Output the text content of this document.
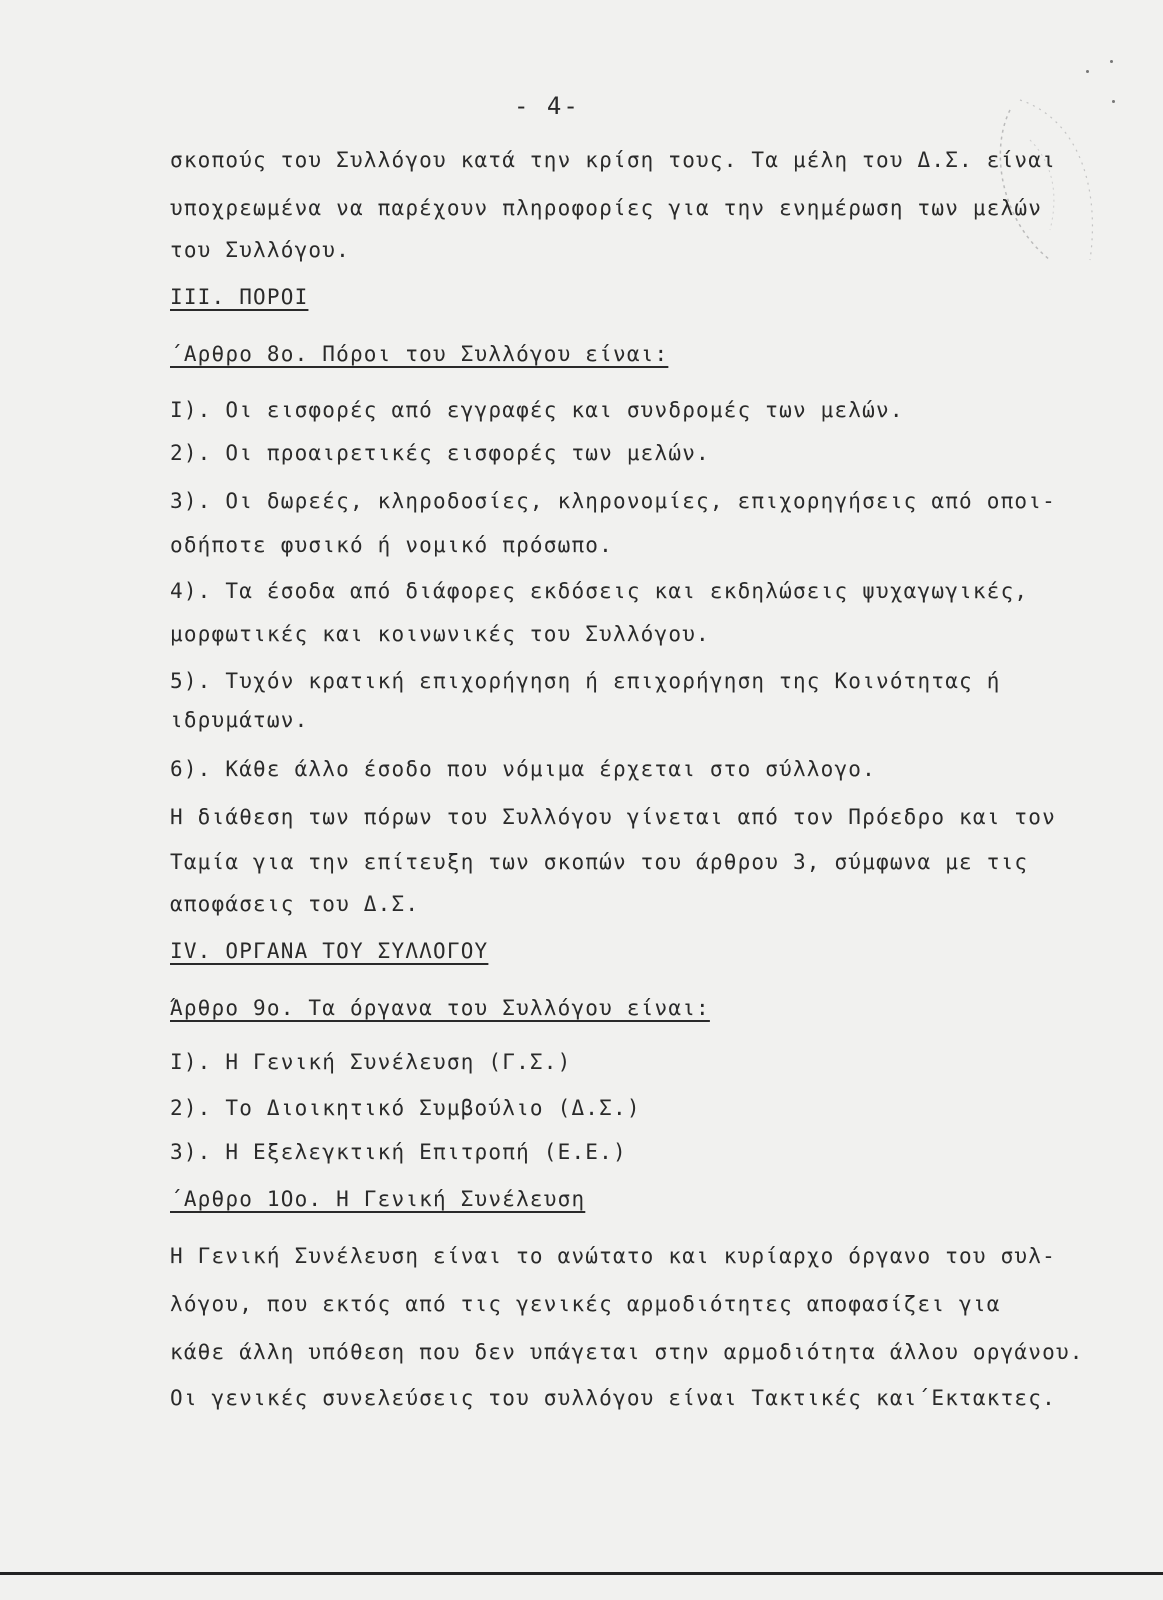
- 4-
σκοπούς του Συλλόγου κατά την κρίση τους. Τα μέλη του Δ.Σ. είναι
υποχρεωμένα να παρέχουν πληροφορίες για την ενημέρωση των μελών
του Συλλόγου.
III. ΠΟΡΟΙ
΄Αρθρο 8ο. Πόροι του Συλλόγου είναι:
Ι). Οι εισφορές από εγγραφές και συνδρομές των μελών.
2). Οι προαιρετικές εισφορές των μελών.
3). Οι δωρεές, κληροδοσίες, κληρονομίες, επιχορηγήσεις από οποι-
οδήποτε φυσικό ή νομικό πρόσωπο.
4). Τα έσοδα από διάφορες εκδόσεις και εκδηλώσεις ψυχαγωγικές,
μορφωτικές και κοινωνικές του Συλλόγου.
5). Τυχόν κρατική επιχορήγηση ή επιχορήγηση της Κοινότητας ή
ιδρυμάτων.
6). Κάθε άλλο έσοδο που νόμιμα έρχεται στο σύλλογο.
Η διάθεση των πόρων του Συλλόγου γίνεται από τον Πρόεδρο και τον
Ταμία για την επίτευξη των σκοπών του άρθρου 3, σύμφωνα με τις
αποφάσεις του Δ.Σ.
IV. ΟΡΓΑΝΑ ΤΟΥ ΣΥΛΛΟΓΟΥ
Άρθρο 9ο. Τα όργανα του Συλλόγου είναι:
Ι). Η Γενική Συνέλευση (Γ.Σ.)
2). Το Διοικητικό Συμβούλιο (Δ.Σ.)
3). Η Εξελεγκτική Επιτροπή (Ε.Ε.)
΄Αρθρο 1Οο. Η Γενική Συνέλευση
Η Γενική Συνέλευση είναι το ανώτατο και κυρίαρχο όργανο του συλ-
λόγου, που εκτός από τις γενικές αρμοδιότητες αποφασίζει για
κάθε άλλη υπόθεση που δεν υπάγεται στην αρμοδιότητα άλλου οργάνου.
Οι γενικές συνελεύσεις του συλλόγου είναι Τακτικές και΄Εκτακτες.
